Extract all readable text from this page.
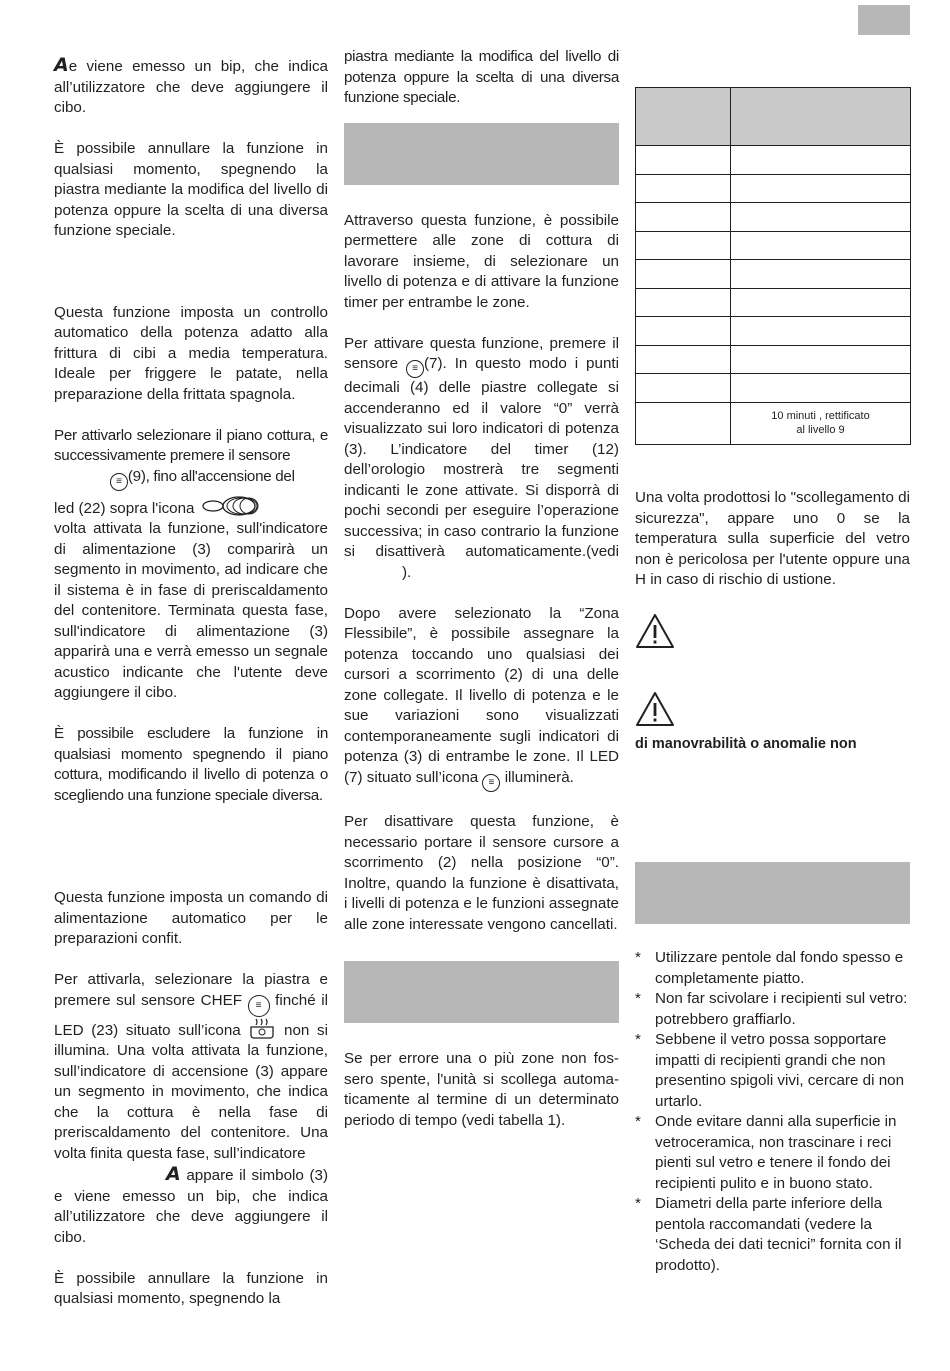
Ae viene emesso un bip, che indica all’utilizzatore che deve aggiungere il cibo.

È possibile annullare la funzione in qualsiasi momento, spegnendo la piastra mediante la modifica del livello di potenza oppure la scelta di una diversa funzione speciale.

Questa funzione imposta un controllo automatico della potenza adatto alla frittura di cibi a media temperatura. Ideale per friggere le patate, nella preparazione della frittata spagnola.

Per attivarlo selezionare il piano cottura, e successivamente premere il sensore
≡ (9), fino all'accensione del

led (22) sopra l'icona

volta attivata la funzione, sull'indicatore di alimentazione (3) comparirà un segmento in movimento, ad indicare che il sistema è in fase di preriscaldamento del contenitore. Terminata questa fase, sull'indicatore di alimentazione (3) apparirà una e verrà emesso un segnale acustico indicante che l'utente deve aggiungere il cibo.

È possibile escludere la funzione in qualsiasi momento spegnendo il piano cottura, modificando il livello di potenza o scegliendo una funzione speciale diversa.

Questa funzione imposta un comando di alimentazione automatico per le preparazioni confit.

Per attivarla, selezionare la piastra e premere sul sensore CHEF ≡ finché il LED (23) situato sull’icona	non si illumina. Una volta attivata la funzione, sull’indicatore di accensione (3) appare un segmento in movimento, che indica che la cottura è nella fase di preriscaldamento del contenitore. Una volta finita questa fase, sull’indicatore
A appare il simbolo (3) e viene emesso un bip, che indica all’utilizzatore che deve aggiungere il cibo.

È possibile annullare la funzione in qualsiasi momento, spegnendo la

piastra mediante la modifica del livello di potenza oppure la scelta di una diversa funzione speciale.

Attraverso questa funzione, è possibile permettere alle zone di cottura di lavorare insieme, di selezionare un livello di potenza e di attivare la funzione timer per entrambe le zone.

Per attivare questa funzione, premere il sensore ≡ (7). In questo modo i punti decimali (4) delle piastre collegate si accenderanno ed il valore “0” verrà visualizzato sui loro indicatori di potenza (3). L’indicatore del timer (12) dell’orologio mostrerà tre segmenti indicanti le zone attivate. Si disporrà di pochi secondi per eseguire l’operazione successiva; in caso contrario la funzione si disattiverà automaticamente.(vedi ).

Dopo avere selezionato la “Zona Flessibile”, è possibile assegnare la potenza toccando uno qualsiasi dei cursori a scorrimento (2) di una delle zone collegate. Il livello di potenza e le sue variazioni sono visualizzati contemporaneamente sugli indicatori di potenza (3) di entrambe le zone. Il LED (7) situato sull’icona ≡ illuminerà.

Per disattivare questa funzione, è necessario portare il sensore cursore a scorrimento (2) nella posizione “0”. Inoltre, quando la funzione è disattivata, i livelli di potenza e le funzioni assegnate alle zone interessate vengono cancellati.

Se per errore una o più zone non fos- sero spente, l'unità si scollega automa- ticamente al termine di un determinato periodo di tempo (vedi tabella 1).

	10 minuti , rettificato
al livello 9

Una volta prodottosi lo "scollegamento di sicurezza", appare uno 0 se la temperatura sulla superficie del vetro non è pericolosa per l'utente oppure una H in caso di rischio di ustione.

di manovrabilità o anomalie non

* Utilizzare pentole dal fondo spesso e completamente piatto.
* Non far scivolare i recipienti sul vetro: potrebbero graffiarlo.
* Sebbene il vetro possa sopportare impatti di recipienti grandi che non presentino spigoli vivi, cercare di non urtarlo.
* Onde evitare danni alla superficie in vetroceramica, non trascinare i reci pienti sul vetro e tenere il fondo dei recipienti pulito e in buono stato.
* Diametri della parte inferiore della pentola raccomandati (vedere la ‘Scheda dei dati tecnici” fornita con il prodotto).
